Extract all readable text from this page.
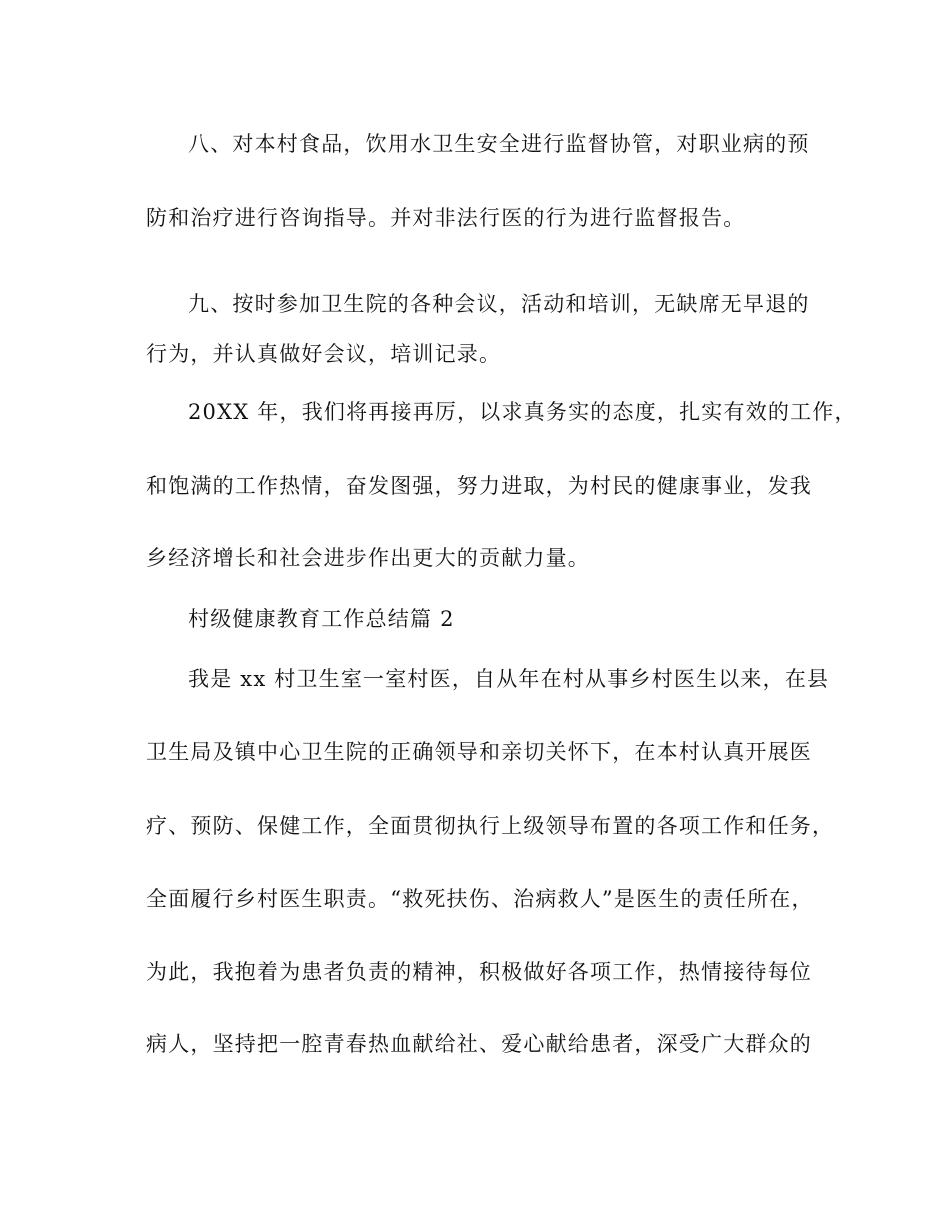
八、对本村食品，饮用水卫生安全进行监督协管，对职业病的预
防和治疗进行咨询指导。并对非法行医的行为进行监督报告。
九、按时参加卫生院的各种会议，活动和培训，无缺席无早退的
行为，并认真做好会议，培训记录。
20XX 年，我们将再接再厉，以求真务实的态度，扎实有效的工作，
和饱满的工作热情，奋发图强，努力进取，为村民的健康事业，发我
乡经济增长和社会进步作出更大的贡献力量。
村级健康教育工作总结篇 2
我是 xx 村卫生室一室村医，自从年在村从事乡村医生以来，在县
卫生局及镇中心卫生院的正确领导和亲切关怀下，在本村认真开展医
疗、预防、保健工作，全面贯彻执行上级领导布置的各项工作和任务，
全面履行乡村医生职责。“救死扶伤、治病救人”是医生的责任所在，
为此，我抱着为患者负责的精神，积极做好各项工作，热情接待每位
病人，坚持把一腔青春热血献给社、爱心献给患者，深受广大群众的
